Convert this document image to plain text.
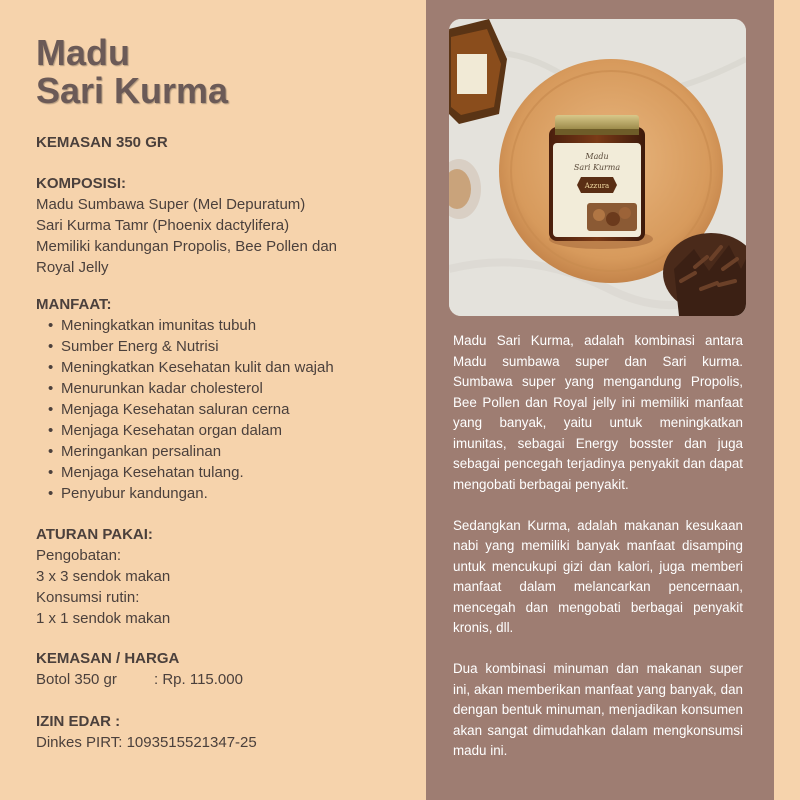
Madu
Sari Kurma
KEMASAN 350 GR
KOMPOSISI:
Madu Sumbawa Super (Mel Depuratum)
Sari Kurma Tamr (Phoenix dactylifera)
Memiliki kandungan Propolis, Bee Pollen dan
Royal Jelly
MANFAAT:
• Meningkatkan imunitas tubuh
• Sumber Energ & Nutrisi
• Meningkatkan Kesehatan kulit dan wajah
• Menurunkan kadar cholesterol
• Menjaga Kesehatan saluran cerna
• Menjaga Kesehatan organ dalam
• Meringankan persalinan
• Menjaga Kesehatan tulang.
• Penyubur kandungan.
ATURAN PAKAI:
Pengobatan:
3 x 3 sendok makan
Konsumsi rutin:
1 x 1 sendok makan
KEMASAN / HARGA
Botol 350 gr : Rp. 115.000
IZIN EDAR :
Dinkes PIRT: 1093515521347-25
Madu
Sari Kurma
Azzura

Madu Sari Kurma, adalah kombinasi antara Madu sumbawa super dan Sari kurma. Sumbawa super yang mengandung Propolis, Bee Pollen dan Royal jelly ini memiliki manfaat yang banyak, yaitu untuk meningkatkan imunitas, sebagai Energy bosster dan juga sebagai pencegah terjadinya penyakit dan dapat mengobati berbagai penyakit.

Sedangkan Kurma, adalah makanan kesukaan nabi yang memiliki banyak manfaat disamping untuk mencukupi gizi dan kalori, juga memberi manfaat dalam melancarkan pencernaan, mencegah dan mengobati berbagai penyakit kronis, dll.

Dua kombinasi minuman dan makanan super ini, akan memberikan manfaat yang banyak, dan dengan bentuk minuman, menjadikan konsumen akan sangat dimudahkan dalam mengkonsumsi madu ini.
